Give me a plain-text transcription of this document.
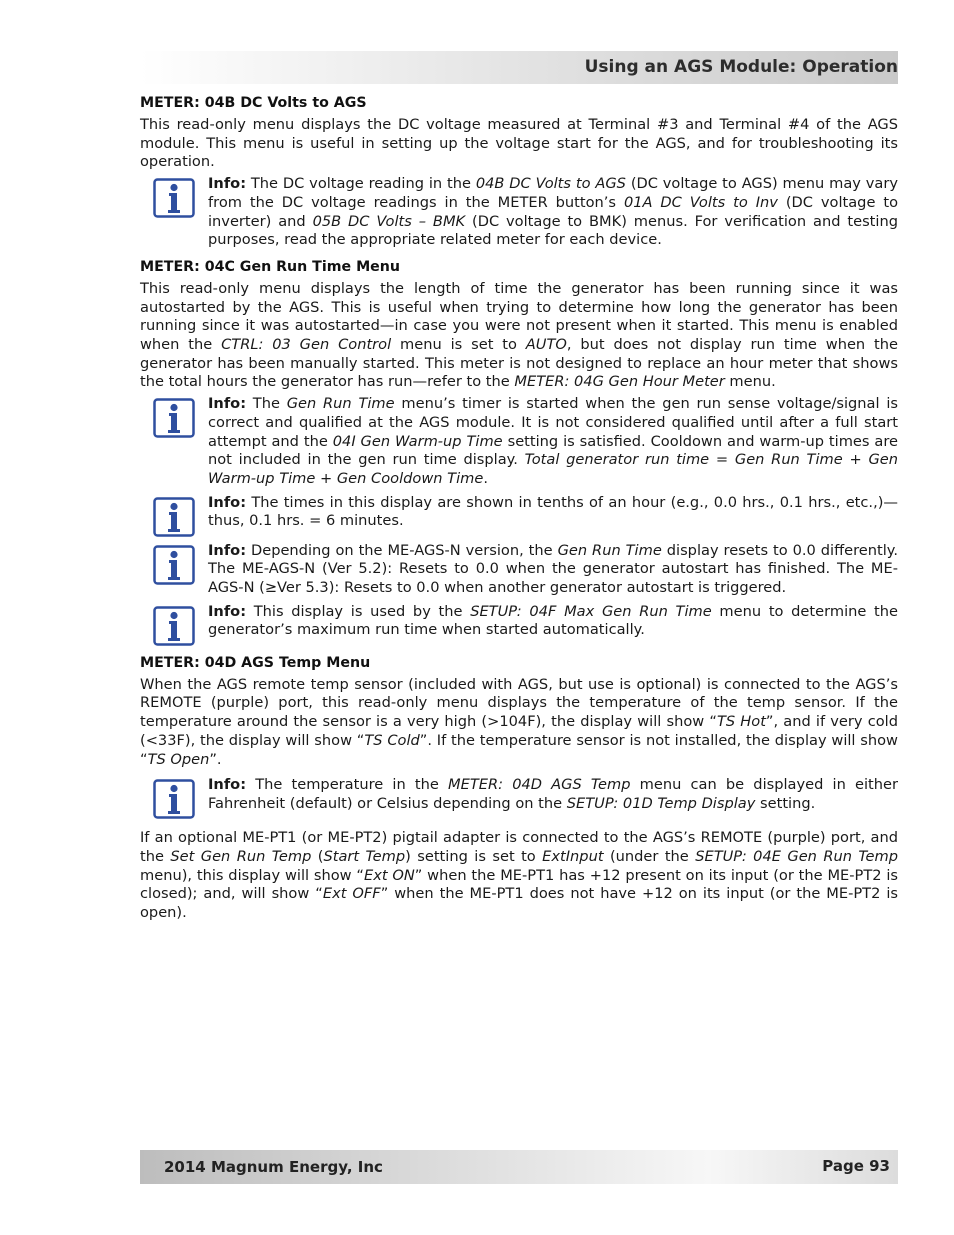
Using an AGS Module: Operation
METER: 04B DC Volts to AGS

This read-only menu displays the DC voltage measured at Terminal #3 and Terminal #4 of the AGS module. This menu is useful in setting up the voltage start for the AGS, and for troubleshooting its operation.

Info: The DC voltage reading in the 04B DC Volts to AGS (DC voltage to AGS) menu may vary from the DC voltage readings in the METER button’s 01A DC Volts to Inv (DC voltage to inverter) and 05B DC Volts – BMK (DC voltage to BMK) menus. For verification and testing purposes, read the appropriate related meter for each device.
METER: 04C Gen Run Time Menu

This read-only menu displays the length of time the generator has been running since it was autostarted by the AGS. This is useful when trying to determine how long the generator has been running since it was autostarted—in case you were not present when it started. This menu is enabled when the CTRL: 03 Gen Control menu is set to AUTO, but does not display run time when the generator has been manually started. This meter is not designed to replace an hour meter that shows the total hours the generator has run—refer to the METER: 04G Gen Hour Meter menu.

Info: The Gen Run Time menu’s timer is started when the gen run sense voltage/signal is correct and qualified at the AGS module. It is not considered qualified until after a full start attempt and the 04I Gen Warm-up Time setting is satisfied. Cooldown and warm-up times are not included in the gen run time display. Total generator run time = Gen Run Time + Gen Warm-up Time + Gen Cooldown Time.
Info: The times in this display are shown in tenths of an hour (e.g., 0.0 hrs., 0.1 hrs., etc.,)—thus, 0.1 hrs. = 6 minutes.
Info: Depending on the ME-AGS-N version, the Gen Run Time display resets to 0.0 differently. The ME-AGS-N (Ver 5.2): Resets to 0.0 when the generator autostart has finished. The ME-AGS-N (≥Ver 5.3): Resets to 0.0 when another generator autostart is triggered.
Info: This display is used by the SETUP: 04F Max Gen Run Time menu to determine the generator’s maximum run time when started automatically.
METER: 04D AGS Temp Menu

When the AGS remote temp sensor (included with AGS, but use is optional) is connected to the AGS’s REMOTE (purple) port, this read-only menu displays the temperature of the temp sensor. If the temperature around the sensor is a very high (>104F), the display will show “TS Hot”, and if very cold (<33F), the display will show “TS Cold”. If the temperature sensor is not installed, the display will show “TS Open”.

Info: The temperature in the METER: 04D AGS Temp menu can be displayed in either Fahrenheit (default) or Celsius depending on the SETUP: 01D Temp Display setting.

If an optional ME-PT1 (or ME-PT2) pigtail adapter is connected to the AGS’s REMOTE (purple) port, and the Set Gen Run Temp (Start Temp) setting is set to ExtInput (under the SETUP: 04E Gen Run Temp menu), this display will show “Ext ON” when the ME-PT1 has +12 present on its input (or the ME-PT2 is closed); and, will show “Ext OFF” when the ME-PT1 does not have +12 on its input (or the ME-PT2 is open).

2014 Magnum Energy, Inc	Page 93
